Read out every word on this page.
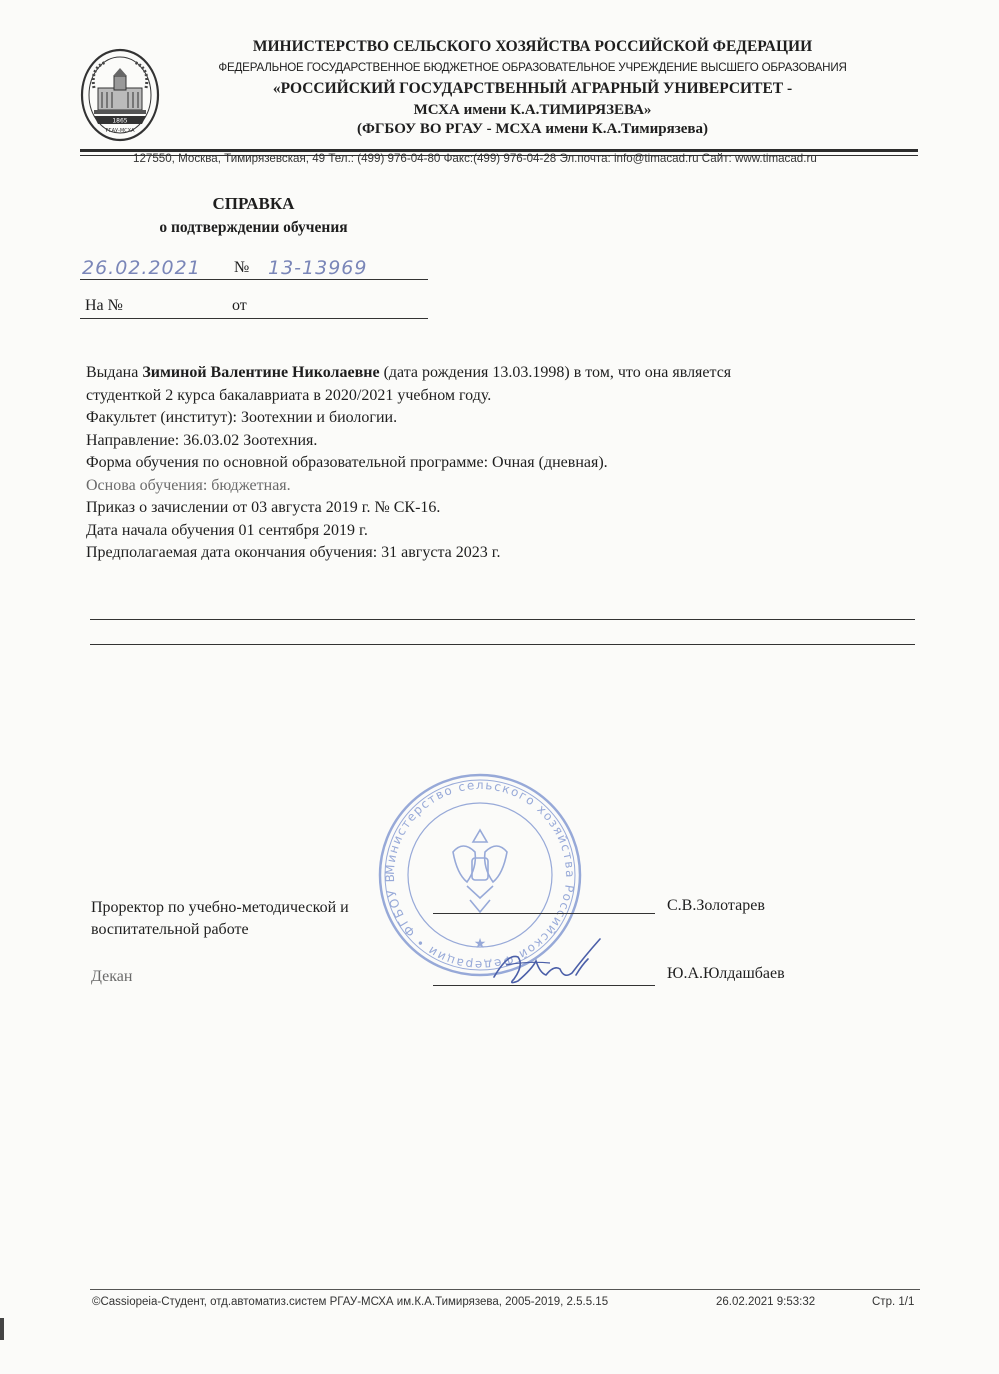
1865
РГАУ-МСХА
МИНИСТЕРСТВО СЕЛЬСКОГО ХОЗЯЙСТВА РОССИЙСКОЙ ФЕДЕРАЦИИ
ФЕДЕРАЛЬНОЕ ГОСУДАРСТВЕННОЕ БЮДЖЕТНОЕ ОБРАЗОВАТЕЛЬНОЕ УЧРЕЖДЕНИЕ ВЫСШЕГО ОБРАЗОВАНИЯ
«РОССИЙСКИЙ ГОСУДАРСТВЕННЫЙ АГРАРНЫЙ УНИВЕРСИТЕТ -
МСХА имени К.А.ТИМИРЯЗЕВА»
(ФГБОУ ВО РГАУ - МСХА имени К.А.Тимирязева)
127550, Москва, Тимирязевская, 49 Тел.: (499) 976-04-80 Факс:(499) 976-04-28 Эл.почта: info@timacad.ru Сайт: www.timacad.ru
СПРАВКА
о подтверждении обучения
26.02.2021 № 13-13969
На №	от

Выдана Зиминой Валентине Николаевне (дата рождения 13.03.1998) в том, что она является

студенткой 2 курса бакалавриата в 2020/2021 учебном году.

Факультет (институт): Зоотехнии и биологии.

Направление: 36.03.02 Зоотехния.

Форма обучения по основной образовательной программе: Очная (дневная).

Основа обучения: бюджетная.

Приказ о зачислении от 03 августа 2019 г. № СК-16.

Дата начала обучения 01 сентября 2019 г.

Предполагаемая дата окончания обучения: 31 августа 2023 г.

Министерство сельского хозяйства Российской Федерации • ФГБОУ В
★
Проректор по учебно-методической и
воспитательной работе
С.В.Золотарев
Декан	Ю.А.Юлдашбаев
©Cassiopeia-Студент, отд.автоматиз.систем РГАУ-МСХА им.К.А.Тимирязева, 2005-2019, 2.5.5.15	26.02.2021 9:53:32	Стр. 1/1
